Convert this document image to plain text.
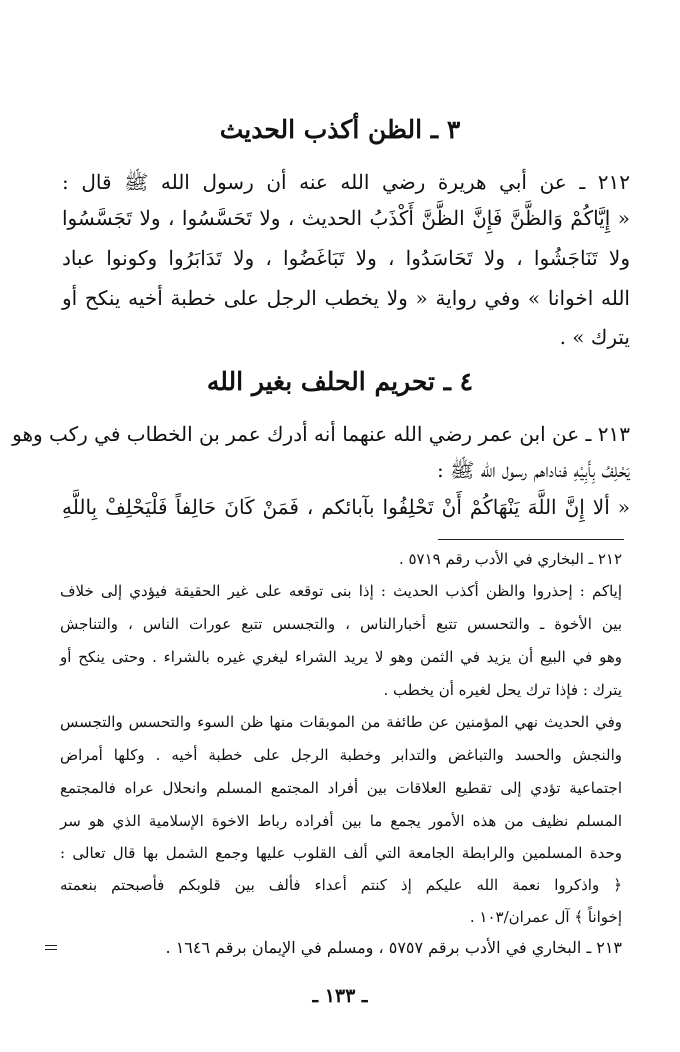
٣ ـ الظن أكذب الحديث

٢١٢ ـ عن أبي هريرة رضي الله عنه أن رسول الله ﷺ قال :

« إِيَّاكُمْ وَالظَّنَّ فَإِنَّ الظَّنَّ أَكْذَبُ الحديث ، ولا تَحَسَّسُوا ، ولا تَجَسَّسُوا

ولا تَنَاجَشُوا ، ولا تَحَاسَدُوا ، ولا تَبَاغَضُوا ، ولا تَدَابَرُوا وكونوا عباد

الله اخوانا » وفي رواية « ولا يخطب الرجل على خطبة أخيه ينكح أو

يترك » .

٤ ـ تحريم الحلف بغير الله

٢١٣ ـ عن ابن عمر رضي الله عنهما أنه أدرك عمر بن الخطاب في ركب وهو

يَحْلِفُ بِأَبِيْهِ فناداهم رسول الله ﷺ :

« ألا إِنَّ اللَّهَ يَنْهَاكُمْ أَنْ تَحْلِفُوا بآبائكم ، فَمَنْ كَانَ حَالِفاً فَلْيَحْلِفْ بِاللَّهِ

٢١٢ ـ البخاري في الأدب رقم ٥٧١٩ .

إياكم : إحذروا والظن أكذب الحديث : إذا بنى توقعه على غير الحقيقة فيؤدي إلى خلاف

بين الأخوة ـ والتحسس تتبع أخبارالناس ، والتجسس تتبع عورات الناس ، والتناجش

وهو في البيع أن يزيد في الثمن وهو لا يريد الشراء ليغري غيره بالشراء . وحتى ينكح أو

يترك : فإذا ترك يحل لغيره أن يخطب .

وفي الحديث نهي المؤمنين عن طائفة من الموبقات منها ظن السوء والتحسس والتجسس

والنجش والحسد والتباغض والتدابر وخطبة الرجل على خطبة أخيه . وكلها أمراض

اجتماعية تؤدي إلى تقطيع العلاقات بين أفراد المجتمع المسلم وانحلال عراه فالمجتمع

المسلم نظيف من هذه الأمور يجمع ما بين أفراده رباط الاخوة الإسلامية الذي هو سر

وحدة المسلمين والرابطة الجامعة التي ألف القلوب عليها وجمع الشمل بها قال تعالى :

﴿ واذكروا نعمة الله عليكم إذ كنتم أعداء فألف بين قلوبكم فأصبحتم بنعمته

إخواناً ﴾ آل عمران/١٠٣ .

٢١٣ ـ البخاري في الأدب برقم ٥٧٥٧ ، ومسلم في الإيمان برقم ١٦٤٦ .

ـ ١٣٣ ـ
